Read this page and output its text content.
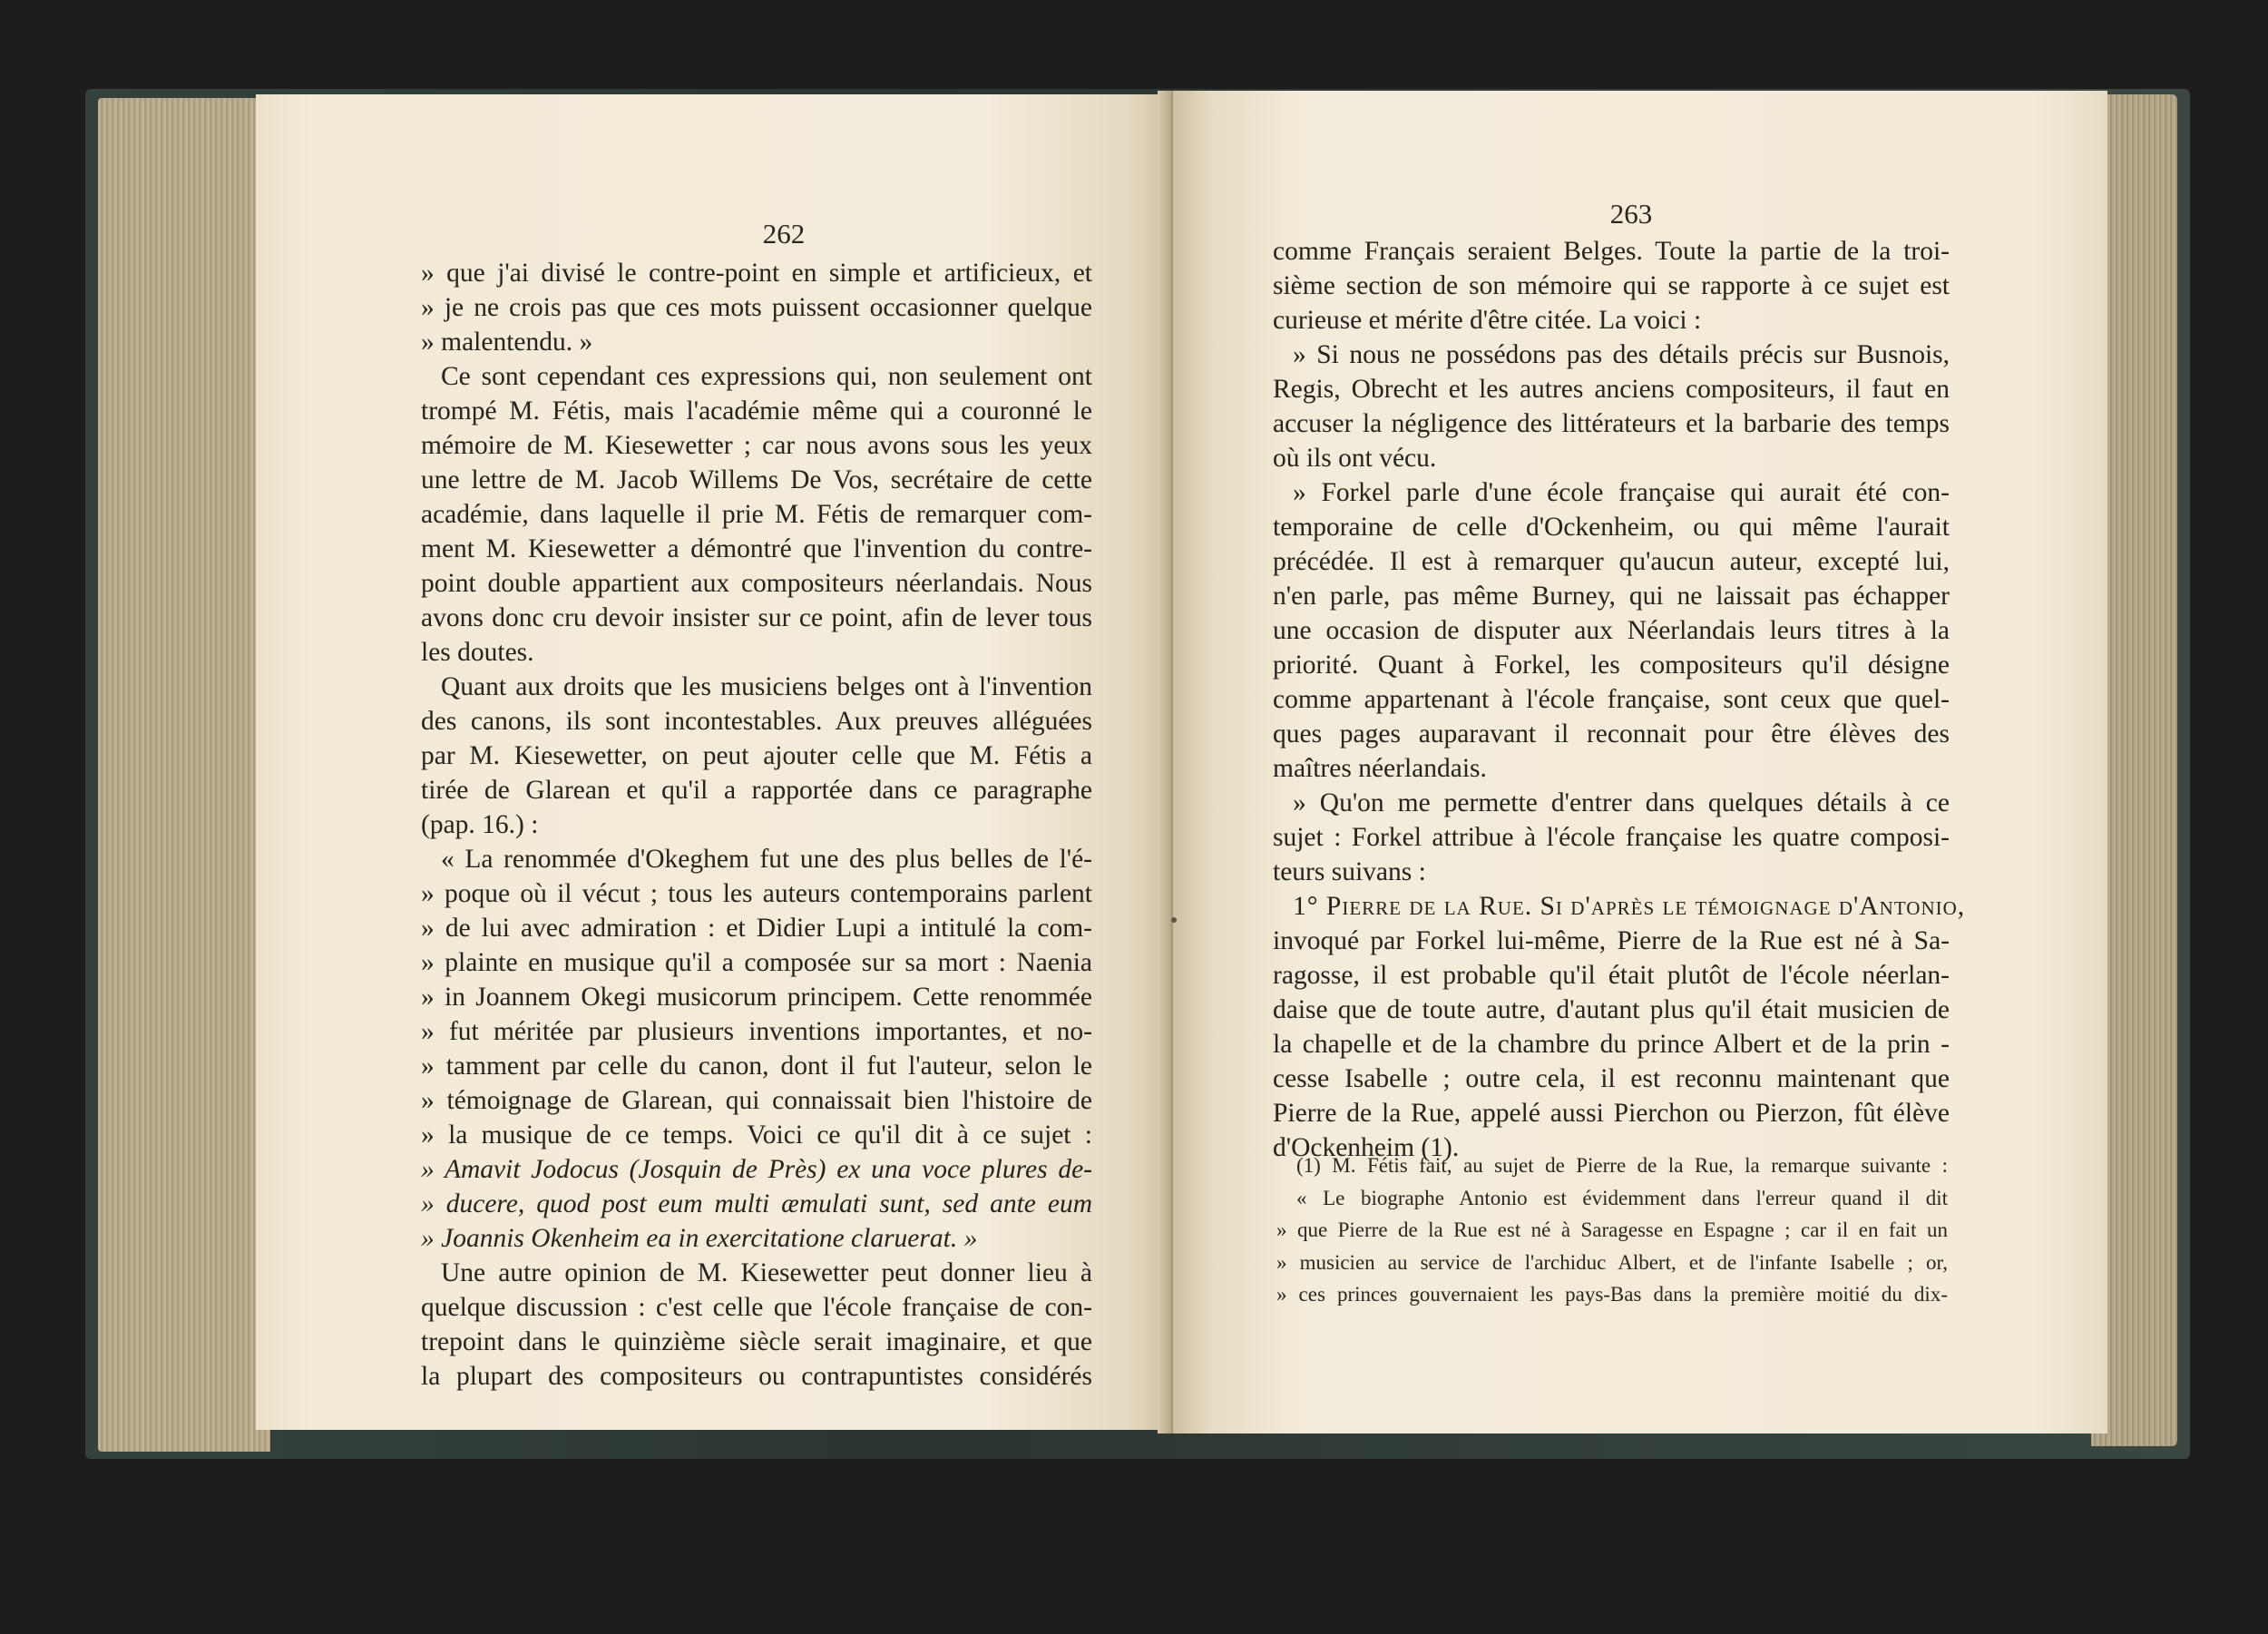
262
» que j'ai divisé le contre-point en simple et artificieux, et
» je ne crois pas que ces mots puissent occasionner quelque
» malentendu. »
Ce sont cependant ces expressions qui, non seulement ont
trompé M. Fétis, mais l'académie même qui a couronné le
mémoire de M. Kiesewetter ; car nous avons sous les yeux
une lettre de M. Jacob Willems De Vos, secrétaire de cette
académie, dans laquelle il prie M. Fétis de remarquer com-
ment M. Kiesewetter a démontré que l'invention du contre-
point double appartient aux compositeurs néerlandais. Nous
avons donc cru devoir insister sur ce point, afin de lever tous
les doutes.
Quant aux droits que les musiciens belges ont à l'invention
des canons, ils sont incontestables. Aux preuves alléguées
par M. Kiesewetter, on peut ajouter celle que M. Fétis a
tirée de Glarean et qu'il a rapportée dans ce paragraphe
(pap. 16.) :
« La renommée d'Okeghem fut une des plus belles de l'é-
» poque où il vécut ; tous les auteurs contemporains parlent
» de lui avec admiration : et Didier Lupi a intitulé la com-
» plainte en musique qu'il a composée sur sa mort : Naenia
» in Joannem Okegi musicorum principem. Cette renommée
» fut méritée par plusieurs inventions importantes, et no-
» tamment par celle du canon, dont il fut l'auteur, selon le
» témoignage de Glarean, qui connaissait bien l'histoire de
» la musique de ce temps. Voici ce qu'il dit à ce sujet :
» Amavit Jodocus (Josquin de Près) ex una voce plures de-
» ducere, quod post eum multi æmulati sunt, sed ante eum
» Joannis Okenheim ea in exercitatione claruerat. »
Une autre opinion de M. Kiesewetter peut donner lieu à
quelque discussion : c'est celle que l'école française de con-
trepoint dans le quinzième siècle serait imaginaire, et que
la plupart des compositeurs ou contrapuntistes considérés
263
comme Français seraient Belges. Toute la partie de la troi-
sième section de son mémoire qui se rapporte à ce sujet est
curieuse et mérite d'être citée. La voici :
» Si nous ne possédons pas des détails précis sur Busnois,
Regis, Obrecht et les autres anciens compositeurs, il faut en
accuser la négligence des littérateurs et la barbarie des temps
où ils ont vécu.
» Forkel parle d'une école française qui aurait été con-
temporaine de celle d'Ockenheim, ou qui même l'aurait
précédée. Il est à remarquer qu'aucun auteur, excepté lui,
n'en parle, pas même Burney, qui ne laissait pas échapper
une occasion de disputer aux Néerlandais leurs titres à la
priorité. Quant à Forkel, les compositeurs qu'il désigne
comme appartenant à l'école française, sont ceux que quel-
ques pages auparavant il reconnait pour être élèves des
maîtres néerlandais.
» Qu'on me permette d'entrer dans quelques détails à ce
sujet : Forkel attribue à l'école française les quatre composi-
teurs suivans :
1° Pierre de la Rue. Si d'après le témoignage d'Antonio,
invoqué par Forkel lui-même, Pierre de la Rue est né à Sa-
ragosse, il est probable qu'il était plutôt de l'école néerlan-
daise que de toute autre, d'autant plus qu'il était musicien de
la chapelle et de la chambre du prince Albert et de la prin -
cesse Isabelle ; outre cela, il est reconnu maintenant que
Pierre de la Rue, appelé aussi Pierchon ou Pierzon, fût élève
d'Ockenheim (1).
(1) M. Fétis fait, au sujet de Pierre de la Rue, la remarque suivante :
« Le biographe Antonio est évidemment dans l'erreur quand il dit
» que Pierre de la Rue est né à Saragesse en Espagne ; car il en fait un
» musicien au service de l'archiduc Albert, et de l'infante Isabelle ; or,
» ces princes gouvernaient les pays-Bas dans la première moitié du dix-
